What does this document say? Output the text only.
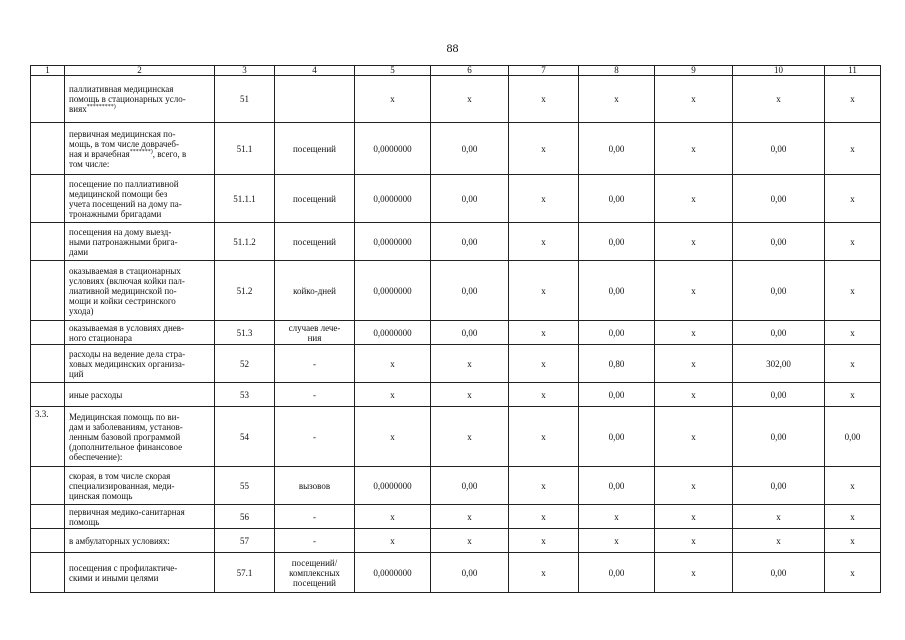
88
1	2	3	4	5	6	7	8	9	10	11
	паллиативная медицинская
помощь в стационарных усло-
виях*********)	51		х	х	х	х	х	х	х
	первичная медицинская по-
мощь, в том числе доврачеб-
ная и врачебная*******), всего, в
том числе:	51.1	посещений	0,0000000	0,00	х	0,00	х	0,00	х
	посещение по паллиативной
медицинской помощи без
учета посещений на дому па-
тронажными бригадами	51.1.1	посещений	0,0000000	0,00	х	0,00	х	0,00	х
	посещения на дому выезд-
ными патронажными бригa-
дами	51.1.2	посещений	0,0000000	0,00	х	0,00	х	0,00	х
	оказываемая в стационарных
условиях (включая койки пал-
лиативной медицинской по-
мощи и койки сестринского
ухода)	51.2	койко-дней	0,0000000	0,00	х	0,00	х	0,00	х
	оказываемая в условиях днев-
ного стационара	51.3	случаев лече-
ния	0,0000000	0,00	х	0,00	х	0,00	х
	расходы на ведение дела стра-
ховых медицинских организа-
ций	52	-	х	х	х	0,80	х	302,00	х
	иные расходы	53	-	х	х	х	0,00	х	0,00	х
3.3.	Медицинская помощь по ви-
дам и заболеваниям, установ-
ленным базовой программой
(дополнительное финансовое
обеспечение):	54	-	х	х	х	0,00	х	0,00	0,00
	скорая, в том числе скорая
специализированная, меди-
цинская помощь	55	вызовов	0,0000000	0,00	х	0,00	х	0,00	х
	первичная медико-санитарная
помощь	56	-	х	х	х	х	х	х	х
	в амбулаторных условиях:	57	-	х	х	х	х	х	х	х
	посещения с профилактиче-
скими и иными целями	57.1	посещений/
комплексных
посещений	0,0000000	0,00	х	0,00	х	0,00	х
